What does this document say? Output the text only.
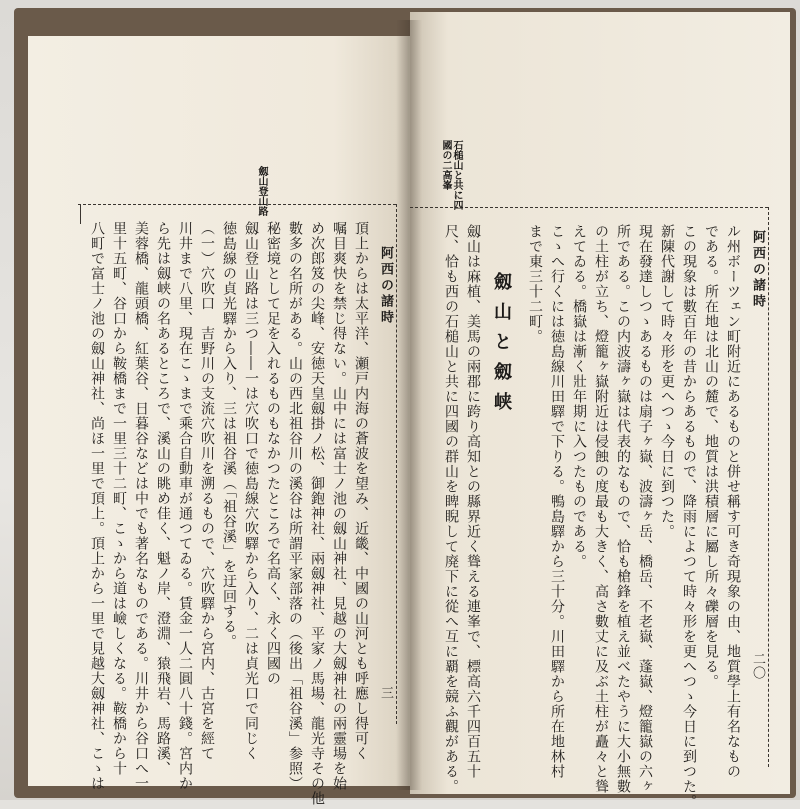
劔山登山路
阿西の諸時
三
頂上からは太平洋、瀬戸内海の蒼波を望み、近畿、中國の山河とも呼應し得可く
嘱目爽快を禁じ得ない。山中には富士ノ池の劔山神社、見越の大劔神社の兩靈場を始
め次郎笈の尖峰、安徳天皇劔掛ノ松、御鉋神社、兩劔神社、平家ノ馬場、龍光寺その他
數多の名所がある。山の西北祖谷川の溪谷は所謂平家部落の（後出「祖谷溪」参照）
秘密境として足を入れるものもなかつたところで名高く、永く四國の
劔山登山路は三つ――一は穴吹口で徳島線穴吹驛から入り、二は貞光口で同じく
徳島線の貞光驛から入り、三は祖谷溪（「祖谷溪」を迂回する。
（一）穴吹口　吉野川の支流穴吹川を溯るもので、穴吹驛から宮内、古宮を經て
川井まで八里、現在こゝまで乘合自動車が通つてゐる。賃金一人二圓八十錢。宮内か
ら先は劔峡の名あるところで、溪山の眺め佳く、魁ノ岸、澄淵、猿飛岩、馬路溪、
美蓉橋、龍頭橋、紅葉谷、日暮谷などは中でも著名なものである。川井から谷口へ一
里十五町、谷口から鞍橋まで一里三十二町、こゝから道は嶮しくなる。鞍橋から十
八町で富士ノ池の劔山神社、尚ほ一里で頂上。頂上から一里で見越大劔神社、こゝは
石槌山と共に四國の二高峯
阿西の諸時
二〇
ル州ボーツェン町附近にあるものと併せ稱す可き奇現象の由、地質學上有名なもの
である。所在地は北山の麓で、地質は洪積層に屬し所々礫層を見る。
この現象は數百年の昔からあるもので、降雨によつて時々形を更へつゝ今日に到つた。
新陳代謝して時々形を更へつゝ今日に到つた。
現在發達しつゝあるものは扇子ヶ嶽、波濤ヶ岳、橋岳、不老嶽、蓬嶽、燈籠嶽の六ヶ
所である。この内波濤ヶ嶽は代表的なもので、恰も槍鋒を植え並べたやうに大小無數
の土柱が立ち、燈籠ヶ嶽附近は侵蝕の度最も大きく、高さ數丈に及ぶ土柱が矗々と聳
えてゐる。橋嶽は漸く壯年期に入つたものである。
こゝへ行くには徳島線川田驛で下りる。鴨島驛から三十分。川田驛から所在地林村
まで東三十二町。
劔山と劔峡
劔山は麻植、美馬の兩郡に跨り高知との縣界近く聳える連峯で、標高六千四百五十
尺、恰も西の石槌山と共に四國の群山を睥睨して廃下に從へ互に覇を競ふ觀がある。
